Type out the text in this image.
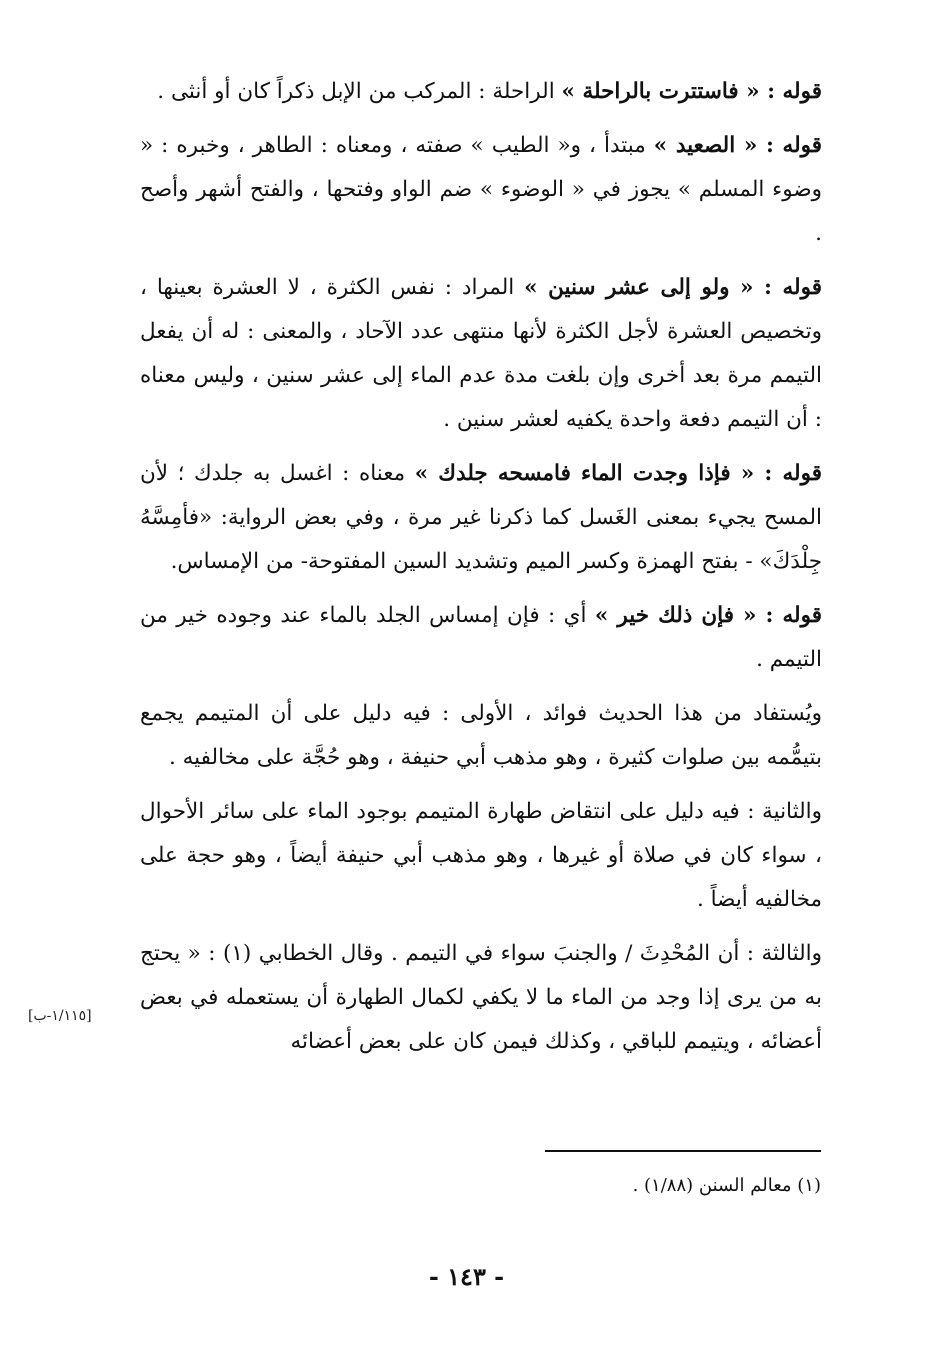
قوله : « فاستترت بالراحلة » الراحلة : المركب من الإبل ذكراً كان أو أنثى .

قوله : « الصعيد » مبتدأ ، و« الطيب » صفته ، ومعناه : الطاهر ، وخبره : « وضوء المسلم » يجوز في « الوضوء » ضم الواو وفتحها ، والفتح أشهر وأصح .

قوله : « ولو إلى عشر سنين » المراد : نفس الكثرة ، لا العشرة بعينها ، وتخصيص العشرة لأجل الكثرة لأنها منتهى عدد الآحاد ، والمعنى : له أن يفعل التيمم مرة بعد أخرى وإن بلغت مدة عدم الماء إلى عشر سنين ، وليس معناه : أن التيمم دفعة واحدة يكفيه لعشر سنين .

قوله : « فإذا وجدت الماء فامسحه جلدك » معناه : اغسل به جلدك ؛ لأن المسح يجيء بمعنى الغَسل كما ذكرنا غير مرة ، وفي بعض الرواية: «فأمِسَّهُ جِلْدَكَ» - بفتح الهمزة وكسر الميم وتشديد السين المفتوحة- من الإمساس.

قوله : « فإن ذلك خير » أي : فإن إمساس الجلد بالماء عند وجوده خير من التيمم .

ويُستفاد من هذا الحديث فوائد ، الأولى : فيه دليل على أن المتيمم يجمع بتيمُّمه بين صلوات كثيرة ، وهو مذهب أبي حنيفة ، وهو حُجَّة على مخالفيه .

والثانية : فيه دليل على انتقاض طهارة المتيمم بوجود الماء على سائر الأحوال ، سواء كان في صلاة أو غيرها ، وهو مذهب أبي حنيفة أيضاً ، وهو حجة على مخالفيه أيضاً .

والثالثة : أن المُحْدِثَ / والجنبَ سواء في التيمم . وقال الخطابي (١) : « يحتج به من يرى إذا وجد من الماء ما لا يكفي لكمال الطهارة أن يستعمله في بعض أعضائه ، ويتيمم للباقي ، وكذلك فيمن كان على بعض أعضائه

[١/١١٥-ب]
(١) معالم السنن (١/٨٨) .
- ١٤٣ -
